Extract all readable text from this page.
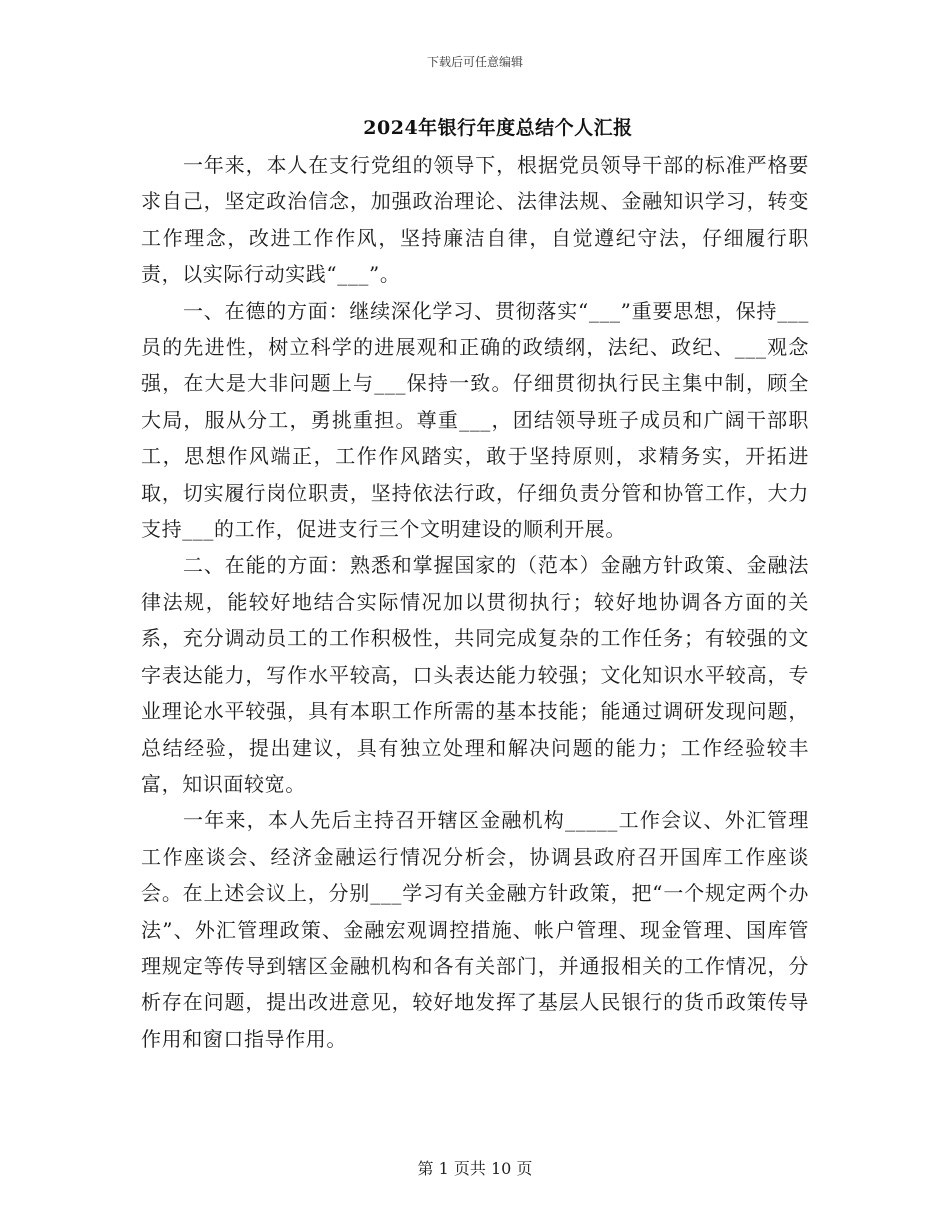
下载后可任意编辑
2024年银行年度总结个人汇报

一年来，本人在支行党组的领导下，根据党员领导干部的标准严格要求自己，坚定政治信念，加强政治理论、法律法规、金融知识学习，转变工作理念，改进工作作风，坚持廉洁自律，自觉遵纪守法，仔细履行职责，以实际行动实践“___”。

一、在德的方面：继续深化学习、贯彻落实“___”重要思想，保持___员的先进性，树立科学的进展观和正确的政绩纲，法纪、政纪、___观念强，在大是大非问题上与___保持一致。仔细贯彻执行民主集中制，顾全大局，服从分工，勇挑重担。尊重___，团结领导班子成员和广阔干部职工，思想作风端正，工作作风踏实，敢于坚持原则，求精务实，开拓进取，切实履行岗位职责，坚持依法行政，仔细负责分管和协管工作，大力支持___的工作，促进支行三个文明建设的顺利开展。

二、在能的方面：熟悉和掌握国家的（范本）金融方针政策、金融法律法规，能较好地结合实际情况加以贯彻执行；较好地协调各方面的关系，充分调动员工的工作积极性，共同完成复杂的工作任务；有较强的文字表达能力，写作水平较高，口头表达能力较强；文化知识水平较高，专业理论水平较强，具有本职工作所需的基本技能；能通过调研发现问题，总结经验，提出建议，具有独立处理和解决问题的能力；工作经验较丰富，知识面较宽。

一年来，本人先后主持召开辖区金融机构_____工作会议、外汇管理工作座谈会、经济金融运行情况分析会，协调县政府召开国库工作座谈会。在上述会议上，分别___学习有关金融方针政策，把“一个规定两个办法”、外汇管理政策、金融宏观调控措施、帐户管理、现金管理、国库管理规定等传导到辖区金融机构和各有关部门，并通报相关的工作情况，分析存在问题，提出改进意见，较好地发挥了基层人民银行的货币政策传导作用和窗口指导作用。

第 1 页共 10 页
